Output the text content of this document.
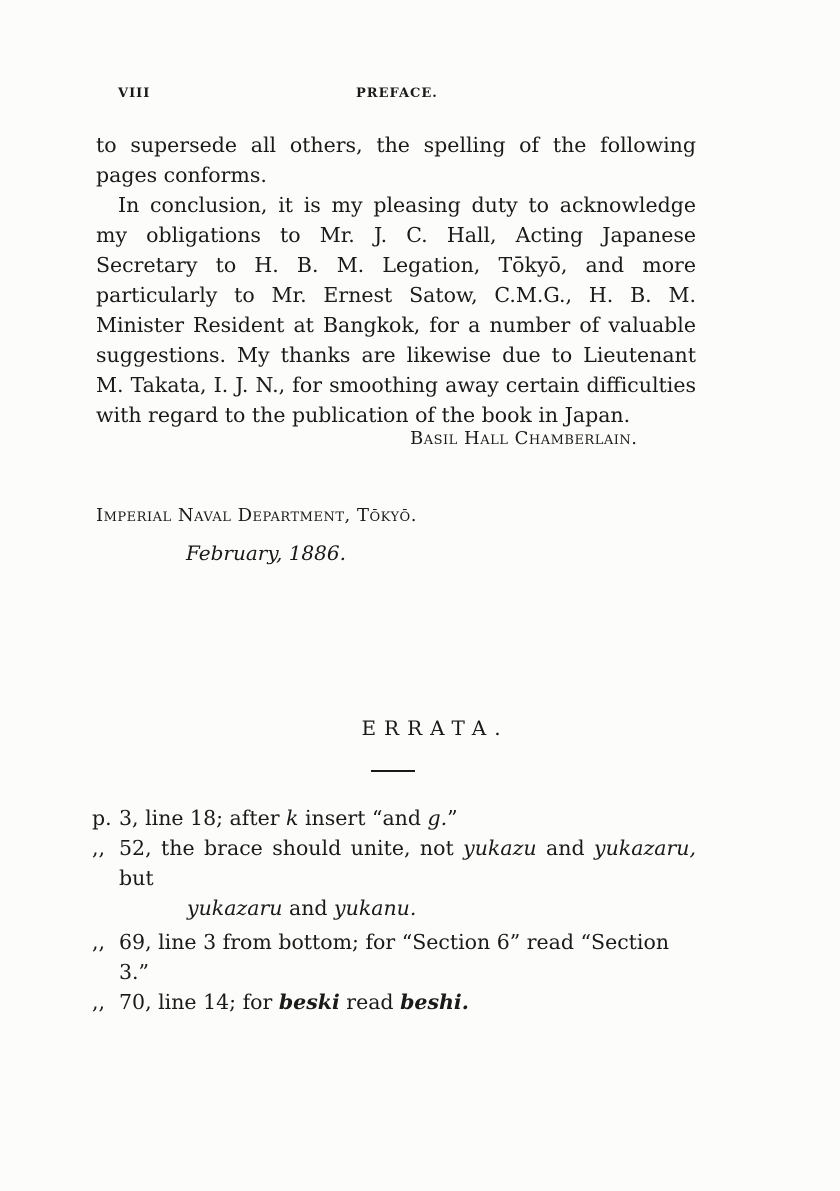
VIII	PREFACE.

to supersede all others, the spelling of the following pages conforms.

In conclusion, it is my pleasing duty to acknowledge my obligations to Mr. J. C. Hall, Acting Japanese Secretary to H. B. M. Legation, Tōkyō, and more particularly to Mr. Ernest Satow, C.M.G., H. B. M. Minister Resident at Bangkok, for a number of valuable suggestions. My thanks are likewise due to Lieutenant M. Takata, I. J. N., for smoothing away certain difficulties with regard to the publication of the book in Japan.

Basil Hall Chamberlain.
Imperial Naval Department, Tōkyō.
February, 1886.
ERRATA.
p. 3, line 18; after k insert “and g.”
,, 52, the brace should unite, not yukazu and yukazaru, but
yukazaru and yukanu.
,, 69, line 3 from bottom; for “Section 6” read “Section 3.”
,, 70, line 14; for beski read beshi.
